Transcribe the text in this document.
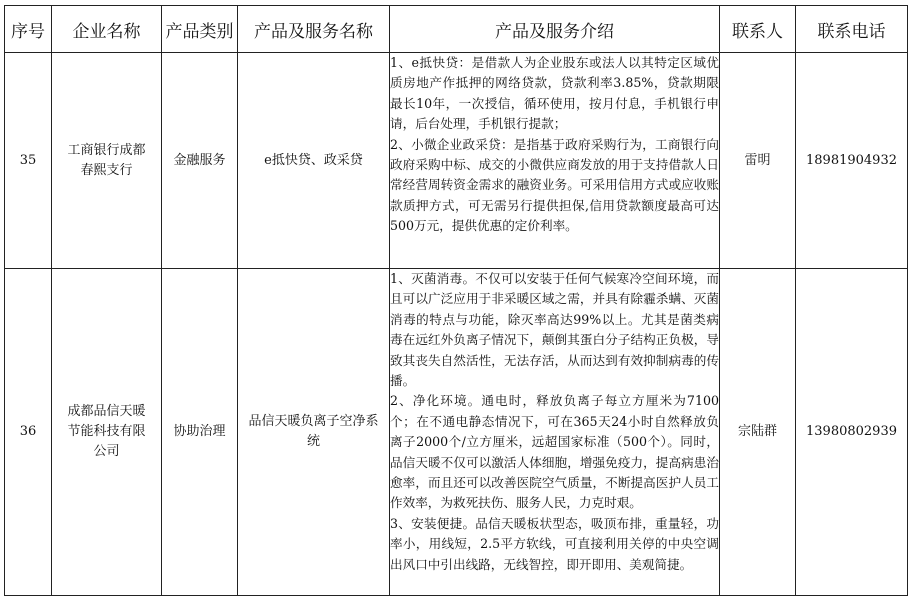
序号	企业名称	产品类别	产品及服务名称	产品及服务介绍	联系人	联系电话
35	工商银行成都春熙支行	金融服务	e抵快贷、政采贷	1、e抵快贷：是借款人为企业股东或法人以其特定区域优质房地产作抵押的网络贷款，贷款利率3.85%，贷款期限最长10年，一次授信，循环使用，按月付息，手机银行申请，后台处理，手机银行提款；

2、小微企业政采贷：是指基于政府采购行为，工商银行向政府采购中标、成交的小微供应商发放的用于支持借款人日常经营周转资金需求的融资业务。可采用信用方式或应收账款质押方式，可无需另行提供担保,信用贷款额度最高可达500万元，提供优惠的定价利率。	雷明	18981904932
36	成都品信天暖节能科技有限公司	协助治理	品信天暖负离子空净系统	1、灭菌消毒。不仅可以安装于任何气候寒冷空间环境，而且可以广泛应用于非采暖区域之需，并具有除霾杀螨、灭菌消毒的特点与功能，除灭率高达99%以上。尤其是菌类病毒在远红外负离子情况下，颠倒其蛋白分子结构正负极，导致其丧失自然活性，无法存活，从而达到有效抑制病毒的传播。

2、净化环境。通电时，释放负离子每立方厘米为7100个；在不通电静态情况下，可在365天24小时自然释放负离子2000个/立方厘米，远超国家标准（500个）。同时，品信天暖不仅可以激活人体细胞，增强免疫力，提高病患治愈率，而且还可以改善医院空气质量，不断提高医护人员工作效率，为救死扶伤、服务人民，力克时艰。

3、安装便捷。品信天暖板状型态，吸顶布排，重量轻，功率小，用线短，2.5平方软线，可直接利用关停的中央空调出风口中引出线路，无线智控，即开即用、美观简捷。	宗陆群	13980802939
